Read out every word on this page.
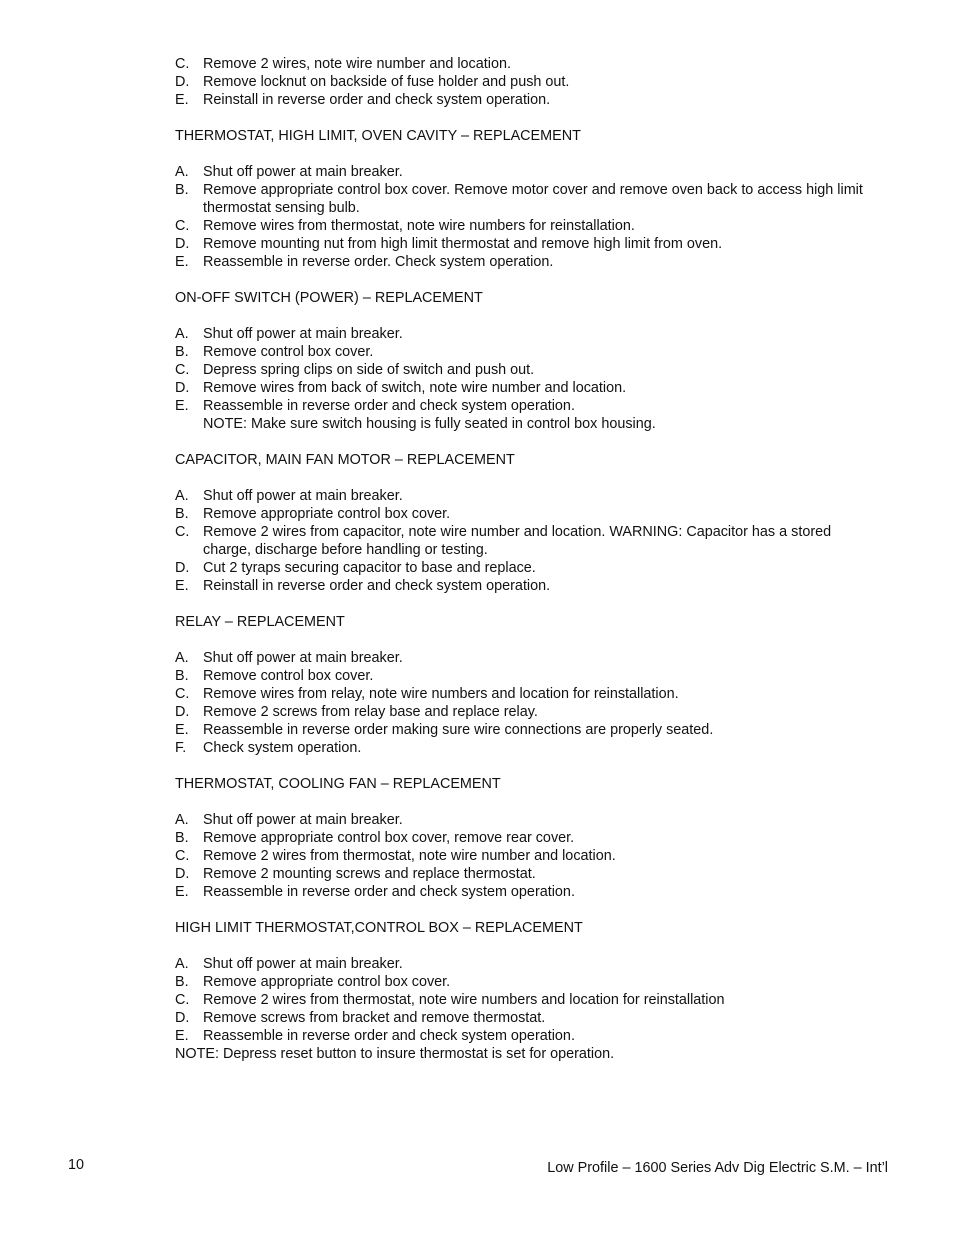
C. Remove 2 wires, note wire number and location.
D. Remove locknut on backside of fuse holder and push out.
E. Reinstall in reverse order and check system operation.
THERMOSTAT, HIGH LIMIT, OVEN CAVITY – REPLACEMENT
A. Shut off power at main breaker.
B. Remove appropriate control box cover. Remove motor cover and remove oven back to access high limit thermostat sensing bulb.
C. Remove wires from thermostat, note wire numbers for reinstallation.
D. Remove mounting nut from high limit thermostat and remove high limit from oven.
E. Reassemble in reverse order. Check system operation.
ON-OFF SWITCH (POWER) – REPLACEMENT
A. Shut off power at main breaker.
B. Remove control box cover.
C. Depress spring clips on side of switch and push out.
D. Remove wires from back of switch, note wire number and location.
E. Reassemble in reverse order and check system operation.
NOTE: Make sure switch housing is fully seated in control box housing.
CAPACITOR, MAIN FAN MOTOR – REPLACEMENT
A. Shut off power at main breaker.
B. Remove appropriate control box cover.
C. Remove 2 wires from capacitor, note wire number and location. WARNING: Capacitor has a stored charge, discharge before handling or testing.
D. Cut 2 tyraps securing capacitor to base and replace.
E. Reinstall in reverse order and check system operation.
RELAY – REPLACEMENT
A. Shut off power at main breaker.
B. Remove control box cover.
C. Remove wires from relay, note wire numbers and location for reinstallation.
D. Remove 2 screws from relay base and replace relay.
E. Reassemble in reverse order making sure wire connections are properly seated.
F.	Check system operation.
THERMOSTAT, COOLING FAN – REPLACEMENT
A. Shut off power at main breaker.
B. Remove appropriate control box cover, remove rear cover.
C. Remove 2 wires from thermostat, note wire number and location.
D. Remove 2 mounting screws and replace thermostat.
E. Reassemble in reverse order and check system operation.
HIGH LIMIT THERMOSTAT,CONTROL BOX – REPLACEMENT
A. Shut off power at main breaker.
B. Remove appropriate control box cover.
C. Remove 2 wires from thermostat, note wire numbers and location for reinstallation
D. Remove screws from bracket and remove thermostat.
E. Reassemble in reverse order and check system operation.
NOTE: Depress reset button to insure thermostat is set for operation.
10	Low Profile – 1600 Series Adv Dig Electric S.M. – Int’l
